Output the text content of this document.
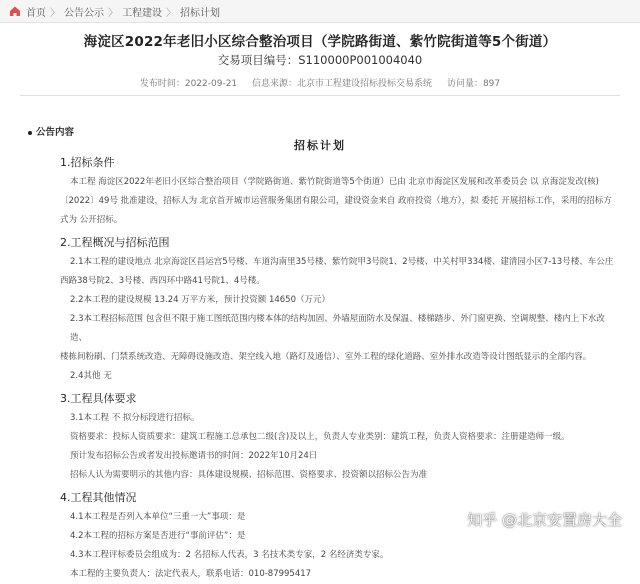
首页 〉 公告公示 〉 工程建设 〉 招标计划
海淀区2022年老旧小区综合整治项目（学院路街道、紫竹院街道等5个街道）
交易项目编号：S110000P001004040
发布时间：2022-09-21 信息来源：北京市工程建设招标投标交易系统 访问量：897
公告内容
招标计划
1.招标条件

本工程 海淀区2022年老旧小区综合整治项目（学院路街道、紫竹院街道等5个街道）已由 北京市海淀区发展和改革委员会 以 京海淀发改(核)

〔2022〕49号 批准建设，招标人为 北京首开城市运营服务集团有限公司，建设资金来自 政府投资（地方），拟 委托 开展招标工作，采用的招标方

式为 公开招标。

2.工程概况与招标范围

2.1本工程的建设地点 北京海淀区昌运宫5号楼、车道沟南里35号楼、紫竹院甲3号院1、2号楼、中关村甲334楼、建清园小区7-13号楼、车公庄

西路38号院2、3号楼、西四环中路41号院1、4号楼。

2.2本工程的建设规模 13.24 万平方米，预计投资额 14650（万元）

2.3本工程招标范围 包含但不限于施工图纸范围内楼本体的结构加固、外墙屋面防水及保温、楼梯踏步、外门窗更换、空调规整、楼内上下水改造、

楼栋间粉刷、门禁系统改造、无障碍设施改造、架空线入地（路灯及通信）、室外工程的绿化道路、室外排水改造等设计图纸显示的全部内容。

2.4其他 无

3.工程具体要求

3.1本工程 不 拟分标段进行招标。

资格要求：投标人资质要求：建筑工程施工总承包二级(含)及以上，负责人专业类别：建筑工程，负责人资格要求：注册建造师一级。

预计发布招标公告或者发出投标邀请书的时间：2022年10月24日

招标人认为需要明示的其他内容：具体建设规模、招标范围、资格要求、投资额以招标公告为准

4.工程其他情况

4.1本工程是否列入本单位“三重一大”事项：是

4.2本工程的招标方案是否进行“事前评估”：是

4.3本工程评标委员会组成为：2 名招标人代表，3 名技术类专家，2 名经济类专家。

本工程的主要负责人：法定代表人，联系电话：010-87995417

知乎 @北京安置房大全
